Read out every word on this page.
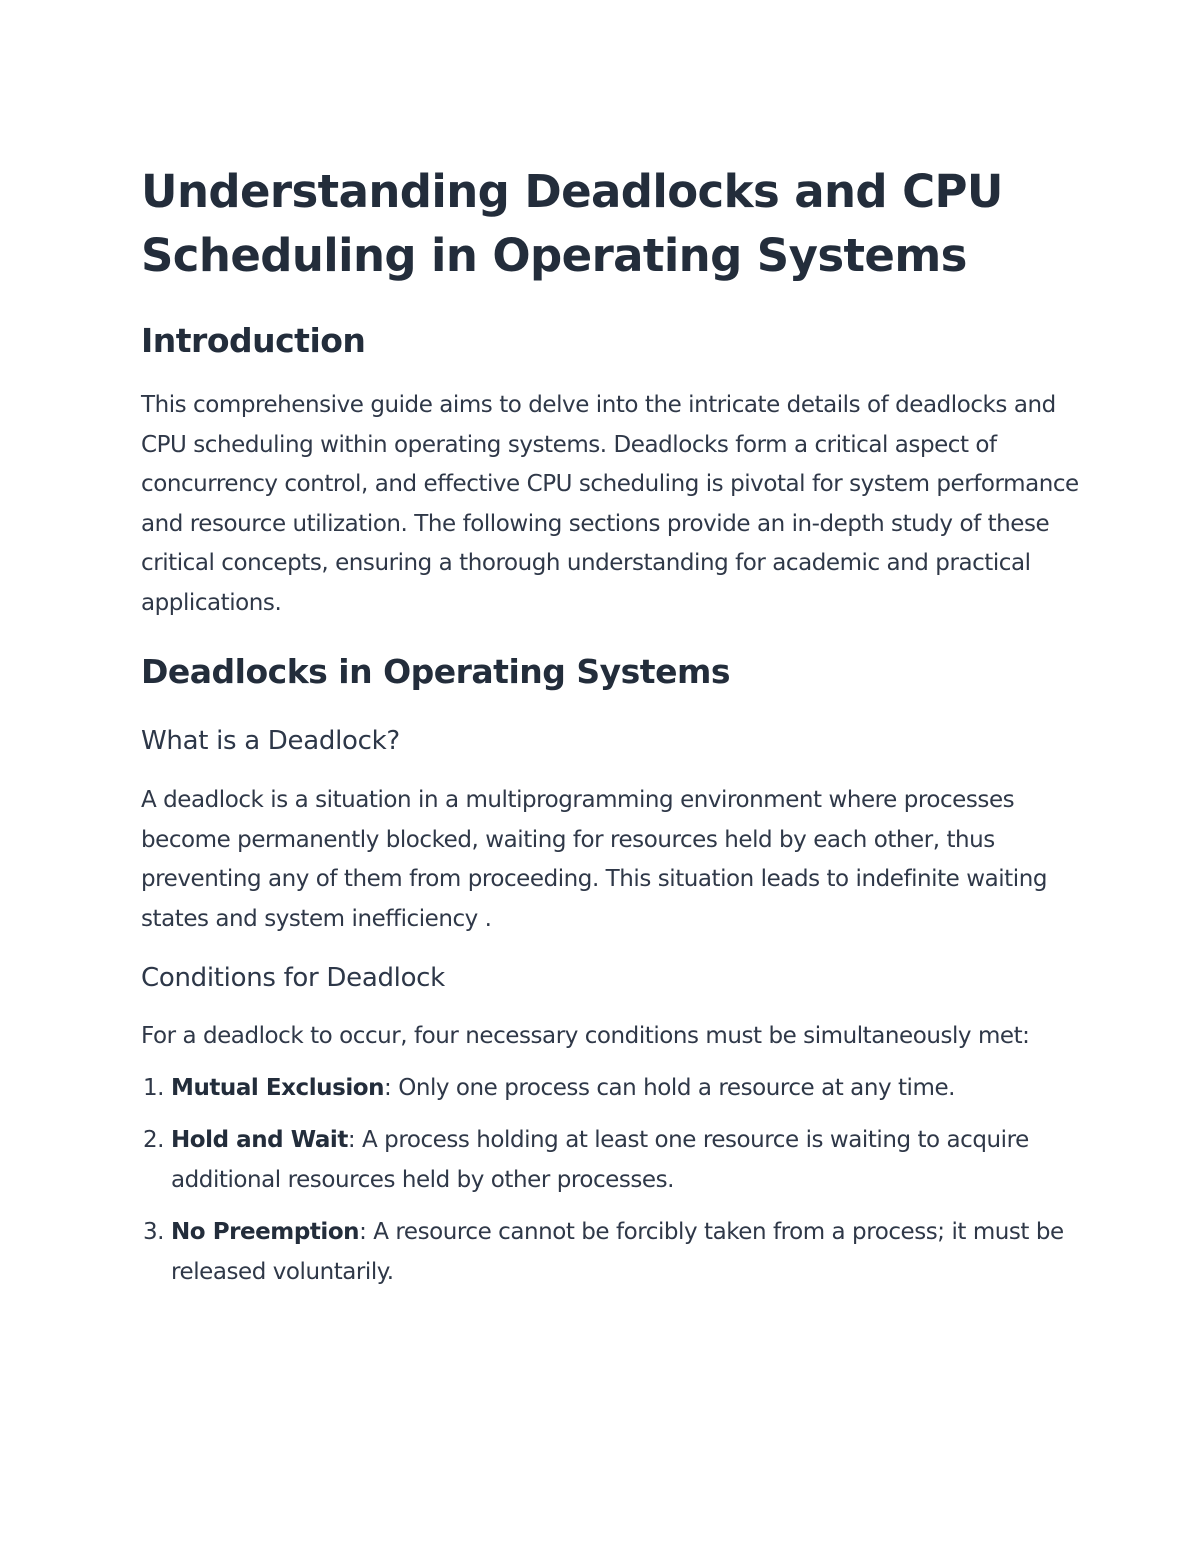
Understanding Deadlocks and CPU Scheduling in Operating Systems
Introduction

This comprehensive guide aims to delve into the intricate details of deadlocks and CPU scheduling within operating systems. Deadlocks form a critical aspect of concurrency control, and effective CPU scheduling is pivotal for system performance and resource utilization. The following sections provide an in-depth study of these critical concepts, ensuring a thorough understanding for academic and practical applications.

Deadlocks in Operating Systems
What is a Deadlock?

A deadlock is a situation in a multiprogramming environment where processes become permanently blocked, waiting for resources held by each other, thus preventing any of them from proceeding. This situation leads to indefinite waiting states and system inefficiency .

Conditions for Deadlock

For a deadlock to occur, four necessary conditions must be simultaneously met:

1. Mutual Exclusion: Only one process can hold a resource at any time.
2. Hold and Wait: A process holding at least one resource is waiting to acquire additional resources held by other processes.
3. No Preemption: A resource cannot be forcibly taken from a process; it must be released voluntarily.
